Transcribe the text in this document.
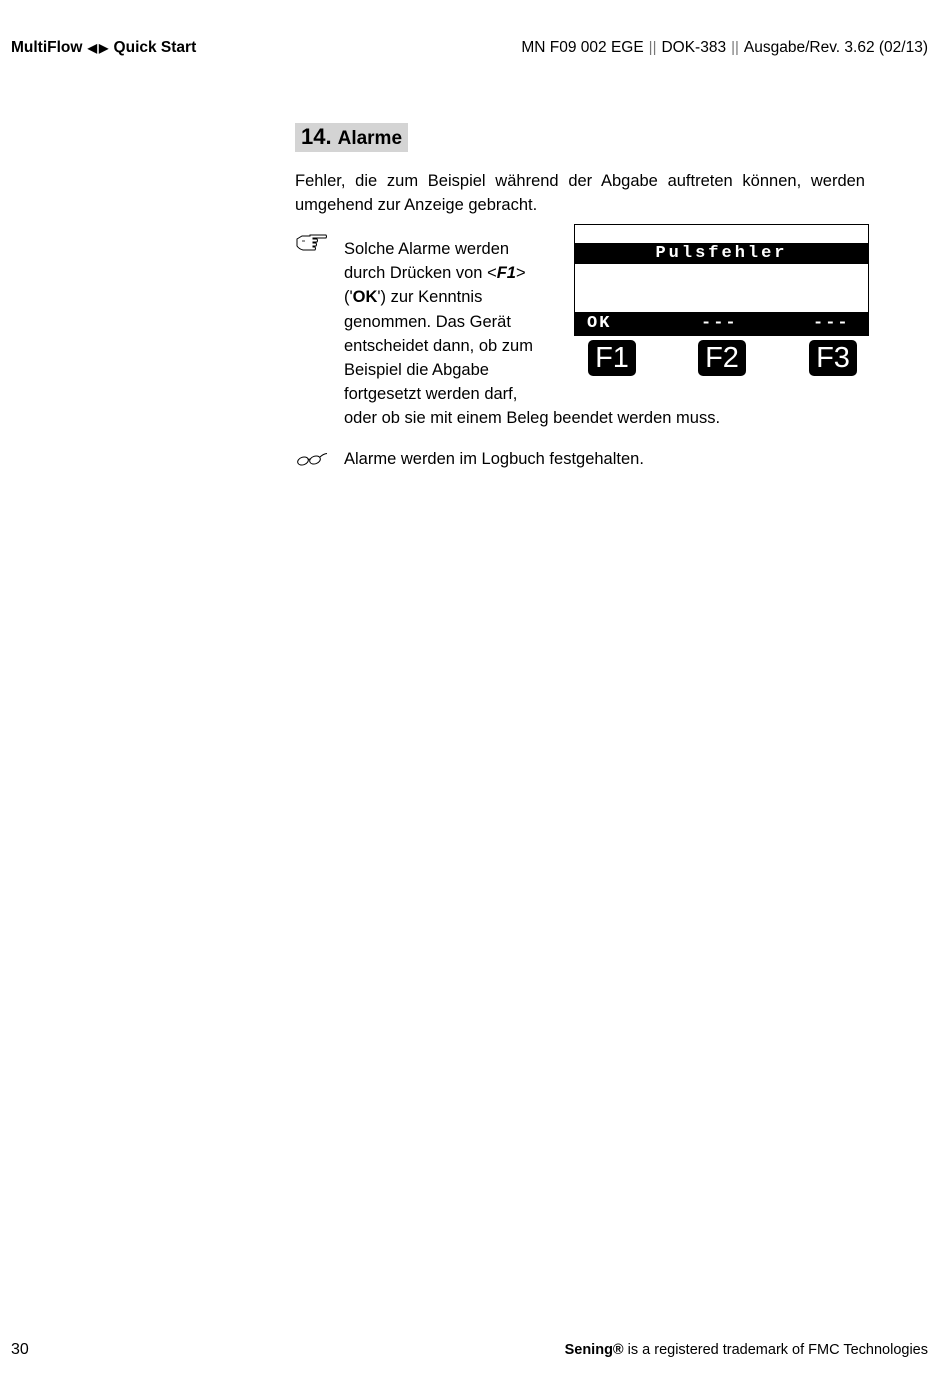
MultiFlow ◀ ▶ Quick Start	MN F09 002 EGE || DOK-383 || Ausgabe/Rev. 3.62 (02/13)
14. Alarme
Fehler, die zum Beispiel während der Abgabe auftreten können, werden umgehend zur Anzeige gebracht.
Solche Alarme werden
durch Drücken von <F1>
('OK') zur Kenntnis
genommen. Das Gerät
entscheidet dann, ob zum
Beispiel die Abgabe
fortgesetzt werden darf,
oder ob sie mit einem Beleg beendet werden muss.
Pulsfehler
OK	---	---
F1	F2	F3
Alarme werden im Logbuch festgehalten.
30	Sening® is a registered trademark of FMC Technologies
